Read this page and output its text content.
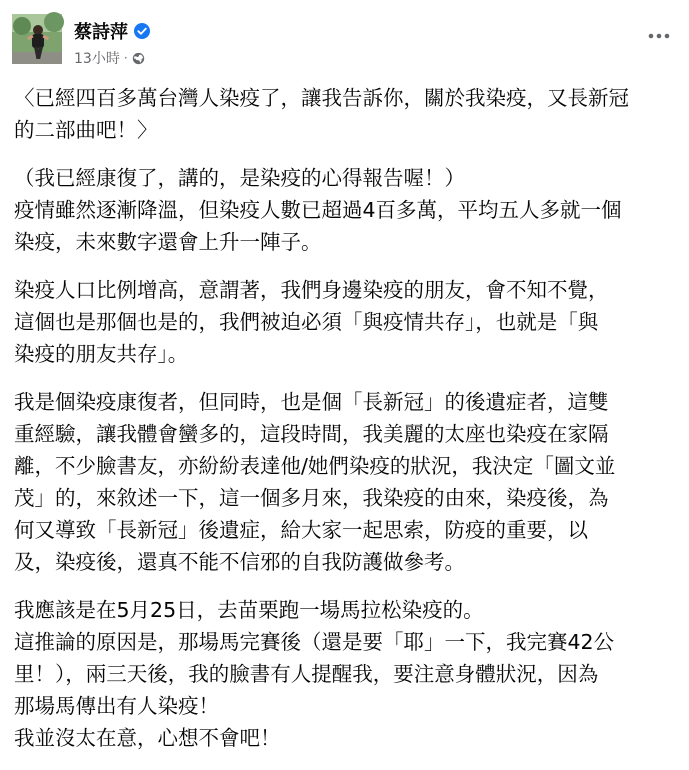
蔡詩萍
13小時 ·

〈已經四百多萬台灣人染疫了，讓我告訴你，關於我染疫，又長新冠
的二部曲吧！〉

（我已經康復了，講的，是染疫的心得報告喔！）
疫情雖然逐漸降溫，但染疫人數已超過4百多萬，平均五人多就一個
染疫，未來數字還會上升一陣子。

染疫人口比例增高，意謂著，我們身邊染疫的朋友，會不知不覺，
這個也是那個也是的，我們被迫必須「與疫情共存」，也就是「與
染疫的朋友共存」。

我是個染疫康復者，但同時，也是個「長新冠」的後遺症者，這雙
重經驗，讓我體會蠻多的，這段時間，我美麗的太座也染疫在家隔
離，不少臉書友，亦紛紛表達他/她們染疫的狀況，我決定「圖文並
茂」的，來敘述一下，這一個多月來，我染疫的由來，染疫後，為
何又導致「長新冠」後遺症，給大家一起思索，防疫的重要，以
及，染疫後，還真不能不信邪的自我防護做參考。

我應該是在5月25日，去苗栗跑一場馬拉松染疫的。
這推論的原因是，那場馬完賽後（還是要「耶」一下，我完賽42公
里！），兩三天後，我的臉書有人提醒我，要注意身體狀況，因為
那場馬傳出有人染疫！
我並沒太在意，心想不會吧！
